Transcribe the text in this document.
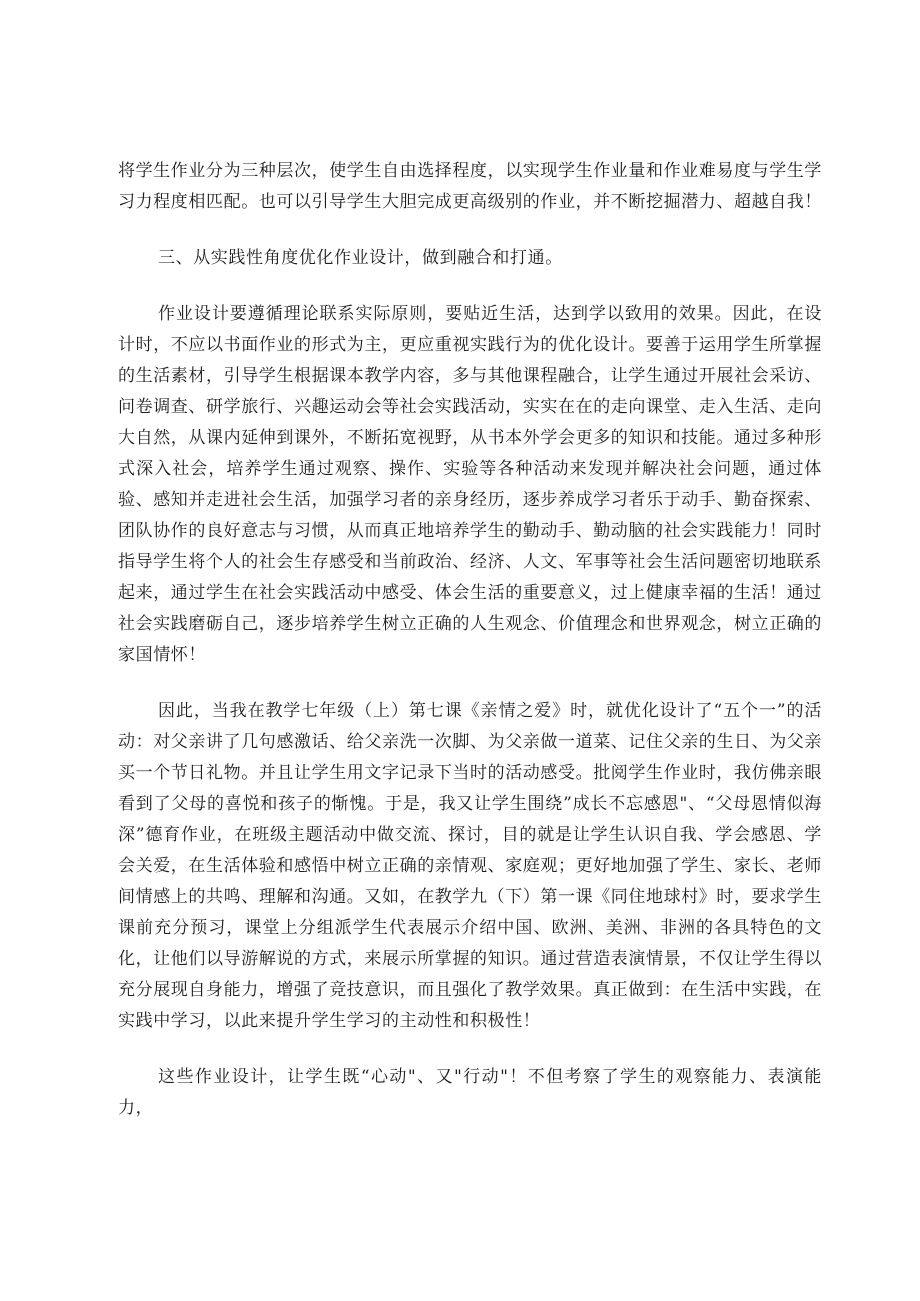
将学生作业分为三种层次，使学生自由选择程度，以实现学生作业量和作业难易度与学生学习力程度相匹配。也可以引导学生大胆完成更高级别的作业，并不断挖掘潜力、超越自我！

三、从实践性角度优化作业设计，做到融合和打通。

作业设计要遵循理论联系实际原则，要贴近生活，达到学以致用的效果。因此，在设计时，不应以书面作业的形式为主，更应重视实践行为的优化设计。要善于运用学生所掌握的生活素材，引导学生根据课本教学内容，多与其他课程融合，让学生通过开展社会采访、问卷调查、研学旅行、兴趣运动会等社会实践活动，实实在在的走向课堂、走入生活、走向大自然，从课内延伸到课外，不断拓宽视野，从书本外学会更多的知识和技能。通过多种形式深入社会，培养学生通过观察、操作、实验等各种活动来发现并解决社会问题，通过体验、感知并走进社会生活，加强学习者的亲身经历，逐步养成学习者乐于动手、勤奋探索、团队协作的良好意志与习惯，从而真正地培养学生的勤动手、勤动脑的社会实践能力！同时指导学生将个人的社会生存感受和当前政治、经济、人文、军事等社会生活问题密切地联系起来，通过学生在社会实践活动中感受、体会生活的重要意义，过上健康幸福的生活！通过社会实践磨砺自己，逐步培养学生树立正确的人生观念、价值理念和世界观念，树立正确的家国情怀！

因此，当我在教学七年级（上）第七课《亲情之爱》时，就优化设计了“五个一”的活动：对父亲讲了几句感激话、给父亲洗一次脚、为父亲做一道菜、记住父亲的生日、为父亲买一个节日礼物。并且让学生用文字记录下当时的活动感受。批阅学生作业时，我仿佛亲眼看到了父母的喜悦和孩子的惭愧。于是，我又让学生围绕”成长不忘感恩"、“父母恩情似海深”德育作业，在班级主题活动中做交流、探讨，目的就是让学生认识自我、学会感恩、学会关爱，在生活体验和感悟中树立正确的亲情观、家庭观；更好地加强了学生、家长、老师间情感上的共鸣、理解和沟通。又如，在教学九（下）第一课《同住地球村》时，要求学生课前充分预习，课堂上分组派学生代表展示介绍中国、欧洲、美洲、非洲的各具特色的文化，让他们以导游解说的方式，来展示所掌握的知识。通过营造表演情景，不仅让学生得以充分展现自身能力，增强了竞技意识，而且强化了教学效果。真正做到：在生活中实践，在实践中学习，以此来提升学生学习的主动性和积极性！

这些作业设计，让学生既“心动"、又"行动"！不但考察了学生的观察能力、表演能力，
